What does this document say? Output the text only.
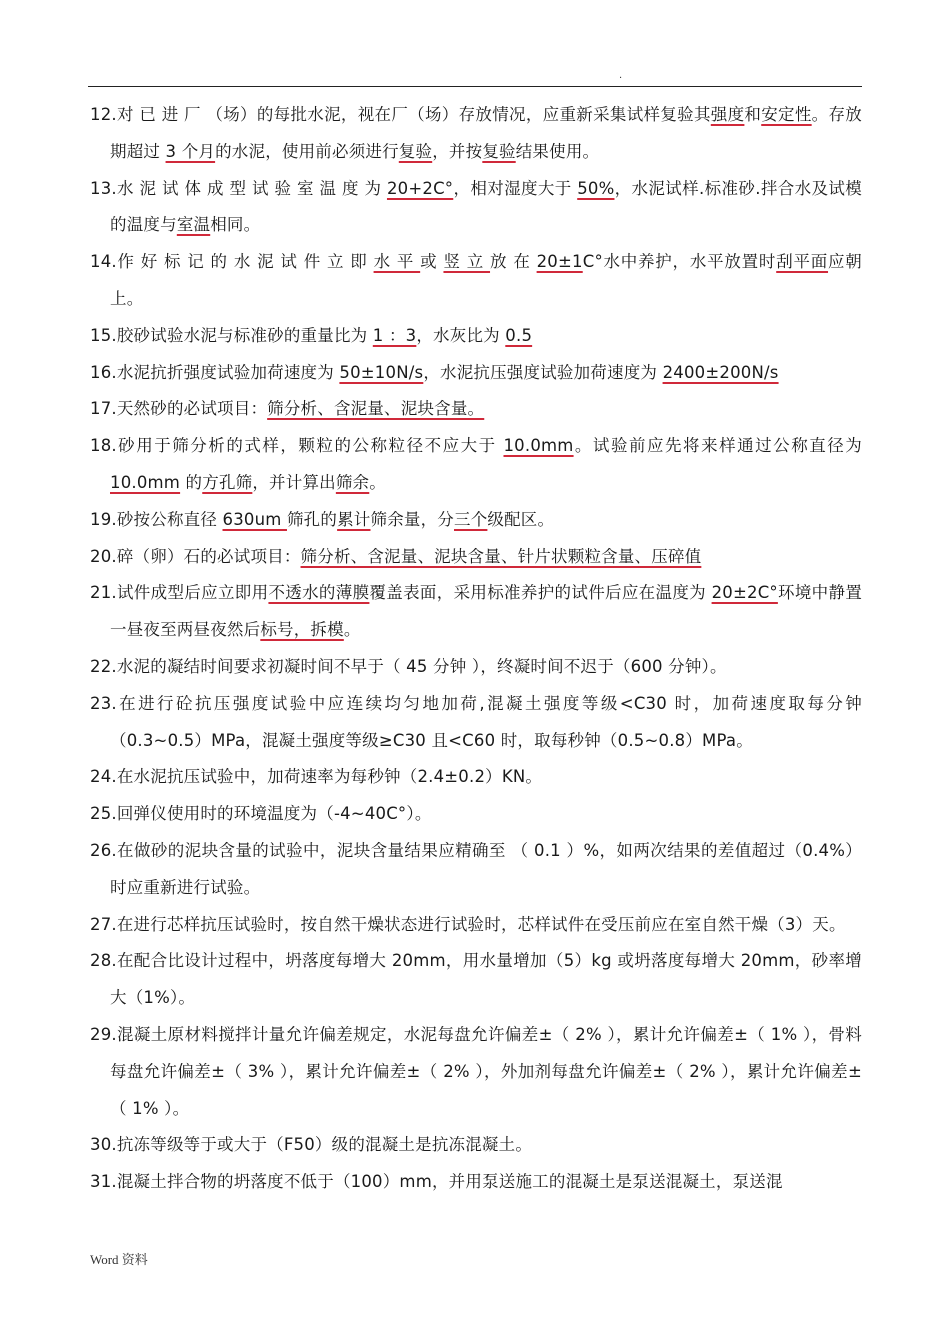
.

12.对 已 进 厂 （场）的每批水泥，视在厂（场）存放情况，应重新采集试样复验其强度和安定性。存放期超过 3 个月的水泥，使用前必须进行复验，并按复验结果使用。

13.水 泥 试 体 成 型 试 验 室 温 度 为 20+2C°，相对湿度大于 50%，水泥试样.标准砂.拌合水及试模的温度与室温相同。

14.作 好 标 记 的 水 泥 试 件 立 即 水 平 或 竖 立 放 在 20±1C°水中养护，水平放置时刮平面应朝上。

15.胶砂试验水泥与标准砂的重量比为 1 ：3，水灰比为 0.5

16.水泥抗折强度试验加荷速度为 50±10N/s，水泥抗压强度试验加荷速度为 2400±200N/s

17.天然砂的必试项目：筛分析、含泥量、泥块含量。

18.砂用于筛分析的式样，颗粒的公称粒径不应大于 10.0mm。试验前应先将来样通过公称直径为 10.0mm 的方孔筛，并计算出筛余。

19.砂按公称直径 630um 筛孔的累计筛余量，分三个级配区。

20.碎（卵）石的必试项目：筛分析、含泥量、泥块含量、针片状颗粒含量、压碎值

21.试件成型后应立即用不透水的薄膜覆盖表面，采用标准养护的试件后应在温度为 20±2C°环境中静置一昼夜至两昼夜然后标号，拆模。

22.水泥的凝结时间要求初凝时间不早于（ 45 分钟 ），终凝时间不迟于（600 分钟）。

23.在进行砼抗压强度试验中应连续均匀地加荷,混凝土强度等级<C30 时，加荷速度取每分钟（0.3~0.5）MPa，混凝土强度等级≥C30 且<C60 时，取每秒钟（0.5~0.8）MPa。

24.在水泥抗压试验中，加荷速率为每秒钟（2.4±0.2）KN。

25.回弹仪使用时的环境温度为（-4~40C°）。

26.在做砂的泥块含量的试验中，泥块含量结果应精确至 （ 0.1 ）%，如两次结果的差值超过（0.4%）时应重新进行试验。

27.在进行芯样抗压试验时，按自然干燥状态进行试验时，芯样试件在受压前应在室自然干燥（3）天。

28.在配合比设计过程中，坍落度每增大 20mm，用水量增加（5）kg 或坍落度每增大 20mm，砂率增大（1%）。

29.混凝土原材料搅拌计量允许偏差规定，水泥每盘允许偏差±（ 2% ），累计允许偏差±（ 1% ），骨料每盘允许偏差±（ 3% ），累计允许偏差±（ 2% ），外加剂每盘允许偏差±（ 2% ），累计允许偏差±（ 1% ）。

30.抗冻等级等于或大于（F50）级的混凝土是抗冻混凝土。

31.混凝土拌合物的坍落度不低于（100）mm，并用泵送施工的混凝土是泵送混凝土，泵送混

Word 资料
